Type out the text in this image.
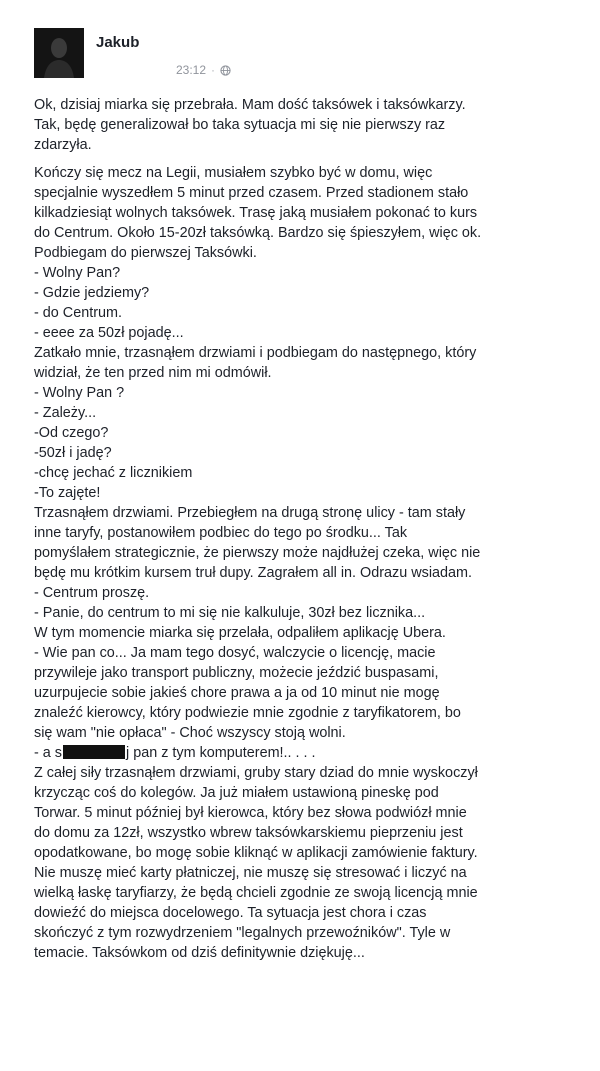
Jakub
23:12 ·

Ok, dzisiaj miarka się przebrała. Mam dość taksówek i taksówkarzy.
Tak, będę generalizował bo taka sytuacja mi się nie pierwszy raz
zdarzyła.

Kończy się mecz na Legii, musiałem szybko być w domu, więc
specjalnie wyszedłem 5 minut przed czasem. Przed stadionem stało
kilkadziesiąt wolnych taksówek. Trasę jaką musiałem pokonać to kurs
do Centrum. Około 15-20zł taksówką. Bardzo się śpieszyłem, więc ok.
Podbiegam do pierwszej Taksówki.
- Wolny Pan?
- Gdzie jedziemy?
- do Centrum.
- eeee za 50zł pojadę...
Zatkało mnie, trzasnąłem drzwiami i podbiegam do następnego, który
widział, że ten przed nim mi odmówił.
- Wolny Pan ?
- Zależy...
-Od czego?
-50zł i jadę?
-chcę jechać z licznikiem
-To zajęte!
Trzasnąłem drzwiami. Przebiegłem na drugą stronę ulicy - tam stały
inne taryfy, postanowiłem podbiec do tego po środku... Tak
pomyślałem strategicznie, że pierwszy może najdłużej czeka, więc nie
będę mu krótkim kursem truł dupy. Zagrałem all in. Odrazu wsiadam.
- Centrum proszę.
- Panie, do centrum to mi się nie kalkuluje, 30zł bez licznika...
W tym momencie miarka się przelała, odpaliłem aplikację Ubera.
- Wie pan co... Ja mam tego dosyć, walczycie o licencję, macie
przywileje jako transport publiczny, możecie jeździć buspasami,
uzurpujecie sobie jakieś chore prawa a ja od 10 minut nie mogę
znaleźć kierowcy, który podwiezie mnie zgodnie z taryfikatorem, bo
się wam "nie opłaca" - Choć wszyscy stoją wolni.
- a s	j pan z tym komputerem!.. . . .
Z całej siły trzasnąłem drzwiami, gruby stary dziad do mnie wyskoczył
krzycząc coś do kolegów. Ja już miałem ustawioną pineskę pod
Torwar. 5 minut później był kierowca, który bez słowa podwiózł mnie
do domu za 12zł, wszystko wbrew taksówkarskiemu pieprzeniu jest
opodatkowane, bo mogę sobie kliknąć w aplikacji zamówienie faktury.
Nie muszę mieć karty płatniczej, nie muszę się stresować i liczyć na
wielką łaskę taryfiarzy, że będą chcieli zgodnie ze swoją licencją mnie
dowieźć do miejsca docelowego. Ta sytuacja jest chora i czas
skończyć z tym rozwydrzeniem "legalnych przewoźników". Tyle w
temacie. Taksówkom od dziś definitywnie dziękuję...
